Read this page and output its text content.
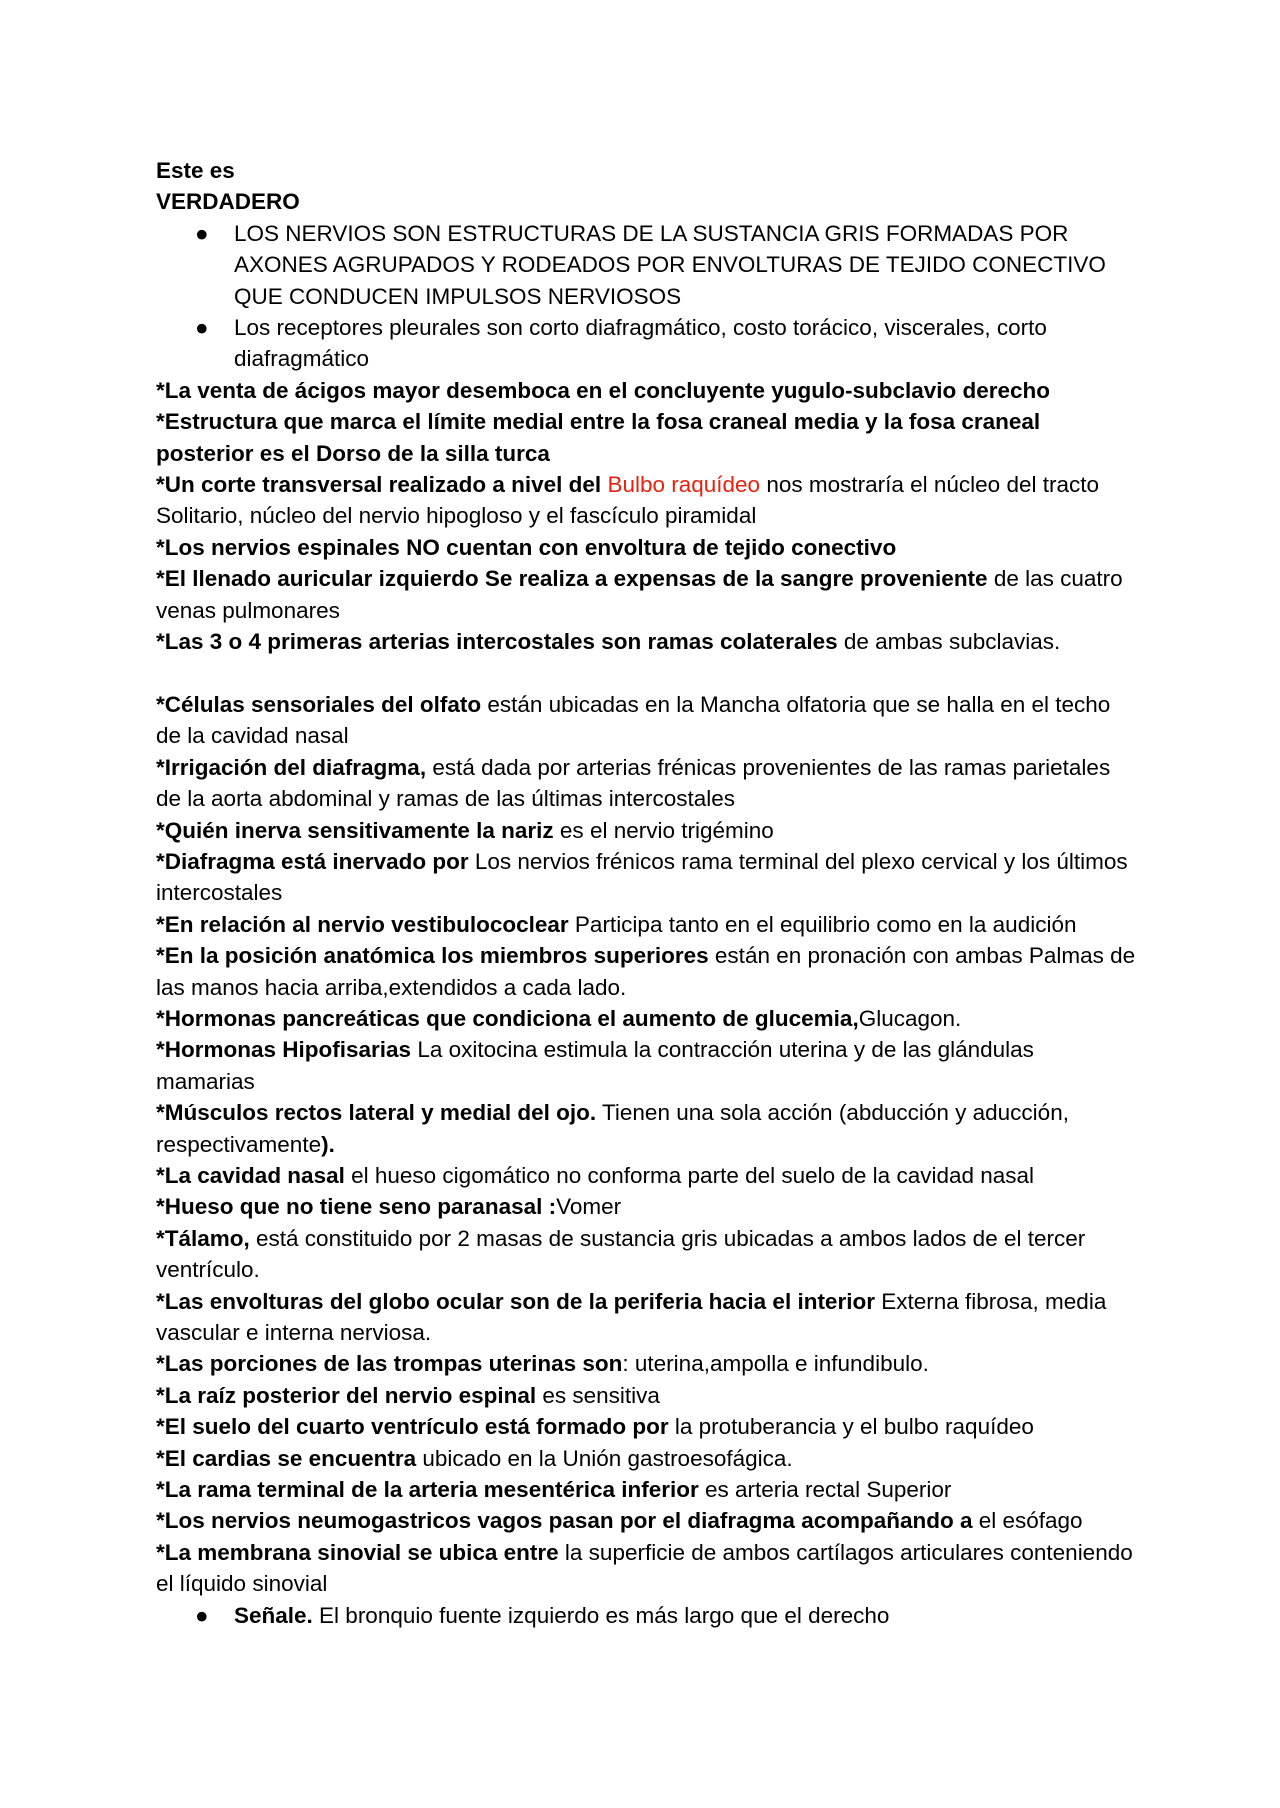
Este es

VERDADERO

● LOS NERVIOS SON ESTRUCTURAS DE LA SUSTANCIA GRIS FORMADAS POR AXONES AGRUPADOS Y RODEADOS POR ENVOLTURAS DE TEJIDO CONECTIVO QUE CONDUCEN IMPULSOS NERVIOSOS

● Los receptores pleurales son corto diafragmático, costo torácico, viscerales, corto diafragmático

*La venta de ácigos mayor desemboca en el concluyente yugulo-subclavio derecho

*Estructura que marca el límite medial entre la fosa craneal media y la fosa craneal posterior es el Dorso de la silla turca

*Un corte transversal realizado a nivel del Bulbo raquídeo nos mostraría el núcleo del tracto Solitario, núcleo del nervio hipogloso y el fascículo piramidal

*Los nervios espinales NO cuentan con envoltura de tejido conectivo

*El llenado auricular izquierdo Se realiza a expensas de la sangre proveniente de las cuatro venas pulmonares

*Las 3 o 4 primeras arterias intercostales son ramas colaterales de ambas subclavias.

*Células sensoriales del olfato están ubicadas en la Mancha olfatoria que se halla en el techo de la cavidad nasal

*Irrigación del diafragma, está dada por arterias frénicas provenientes de las ramas parietales de la aorta abdominal y ramas de las últimas intercostales

*Quién inerva sensitivamente la nariz es el nervio trigémino

*Diafragma está inervado por Los nervios frénicos rama terminal del plexo cervical y los últimos intercostales

*En relación al nervio vestibulococlear Participa tanto en el equilibrio como en la audición

*En la posición anatómica los miembros superiores están en pronación con ambas Palmas de las manos hacia arriba,extendidos a cada lado.

*Hormonas pancreáticas que condiciona el aumento de glucemia,Glucagon.

*Hormonas Hipofisarias La oxitocina estimula la contracción uterina y de las glándulas mamarias

*Músculos rectos lateral y medial del ojo. Tienen una sola acción (abducción y aducción, respectivamente).

*La cavidad nasal el hueso cigomático no conforma parte del suelo de la cavidad nasal

*Hueso que no tiene seno paranasal :Vomer

*Tálamo, está constituido por 2 masas de sustancia gris ubicadas a ambos lados de el tercer ventrículo.

*Las envolturas del globo ocular son de la periferia hacia el interior Externa fibrosa, media vascular e interna nerviosa.

*Las porciones de las trompas uterinas son: uterina,ampolla e infundibulo.

*La raíz posterior del nervio espinal es sensitiva

*El suelo del cuarto ventrículo está formado por la protuberancia y el bulbo raquídeo

*El cardias se encuentra ubicado en la Unión gastroesofágica.

*La rama terminal de la arteria mesentérica inferior es arteria rectal Superior

*Los nervios neumogastricos vagos pasan por el diafragma acompañando a el esófago

*La membrana sinovial se ubica entre la superficie de ambos cartílagos articulares conteniendo el líquido sinovial

● Señale. El bronquio fuente izquierdo es más largo que el derecho
